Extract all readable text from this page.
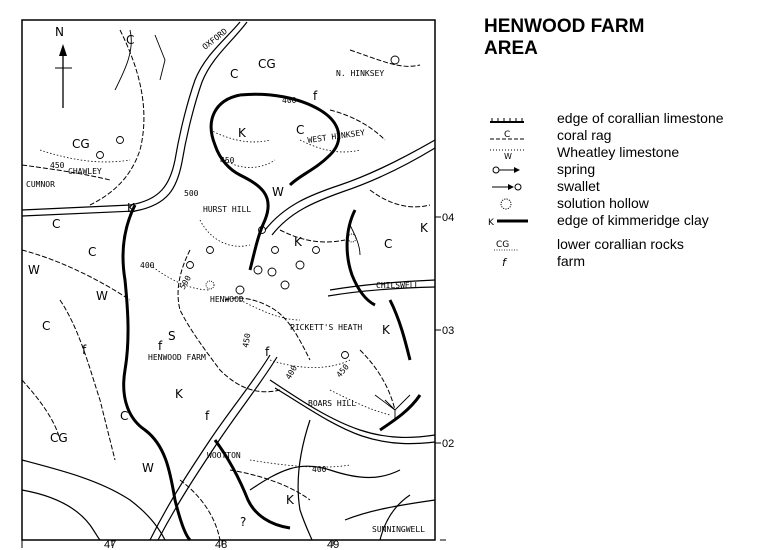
OXFORD
N. HINKSEY
CUMNOR
CHAWLEY
HURST HILL
WEST HINKSEY
HENWOOD
HENWOOD FARM
CHILSWELL
PICKETT'S HEATH
BOARS HILL
WOOTTON
SUNNINGWELL
400
450
500
500
450
400
450
400	450
400
N
K
K
K
K
K
K
K
C
C
C
C
C
C
C
C
W
W
W
W
CG
CG
CG
S
f
f
f
f
f
?
47	48	49
04
03
02
HENWOOD FARM
AREA
edge of corallian limestone
C	coral rag
W	Wheatley limestone
spring
swallet
solution hollow
K	edge of kimmeridge clay
CG	lower corallian rocks
f	farm
